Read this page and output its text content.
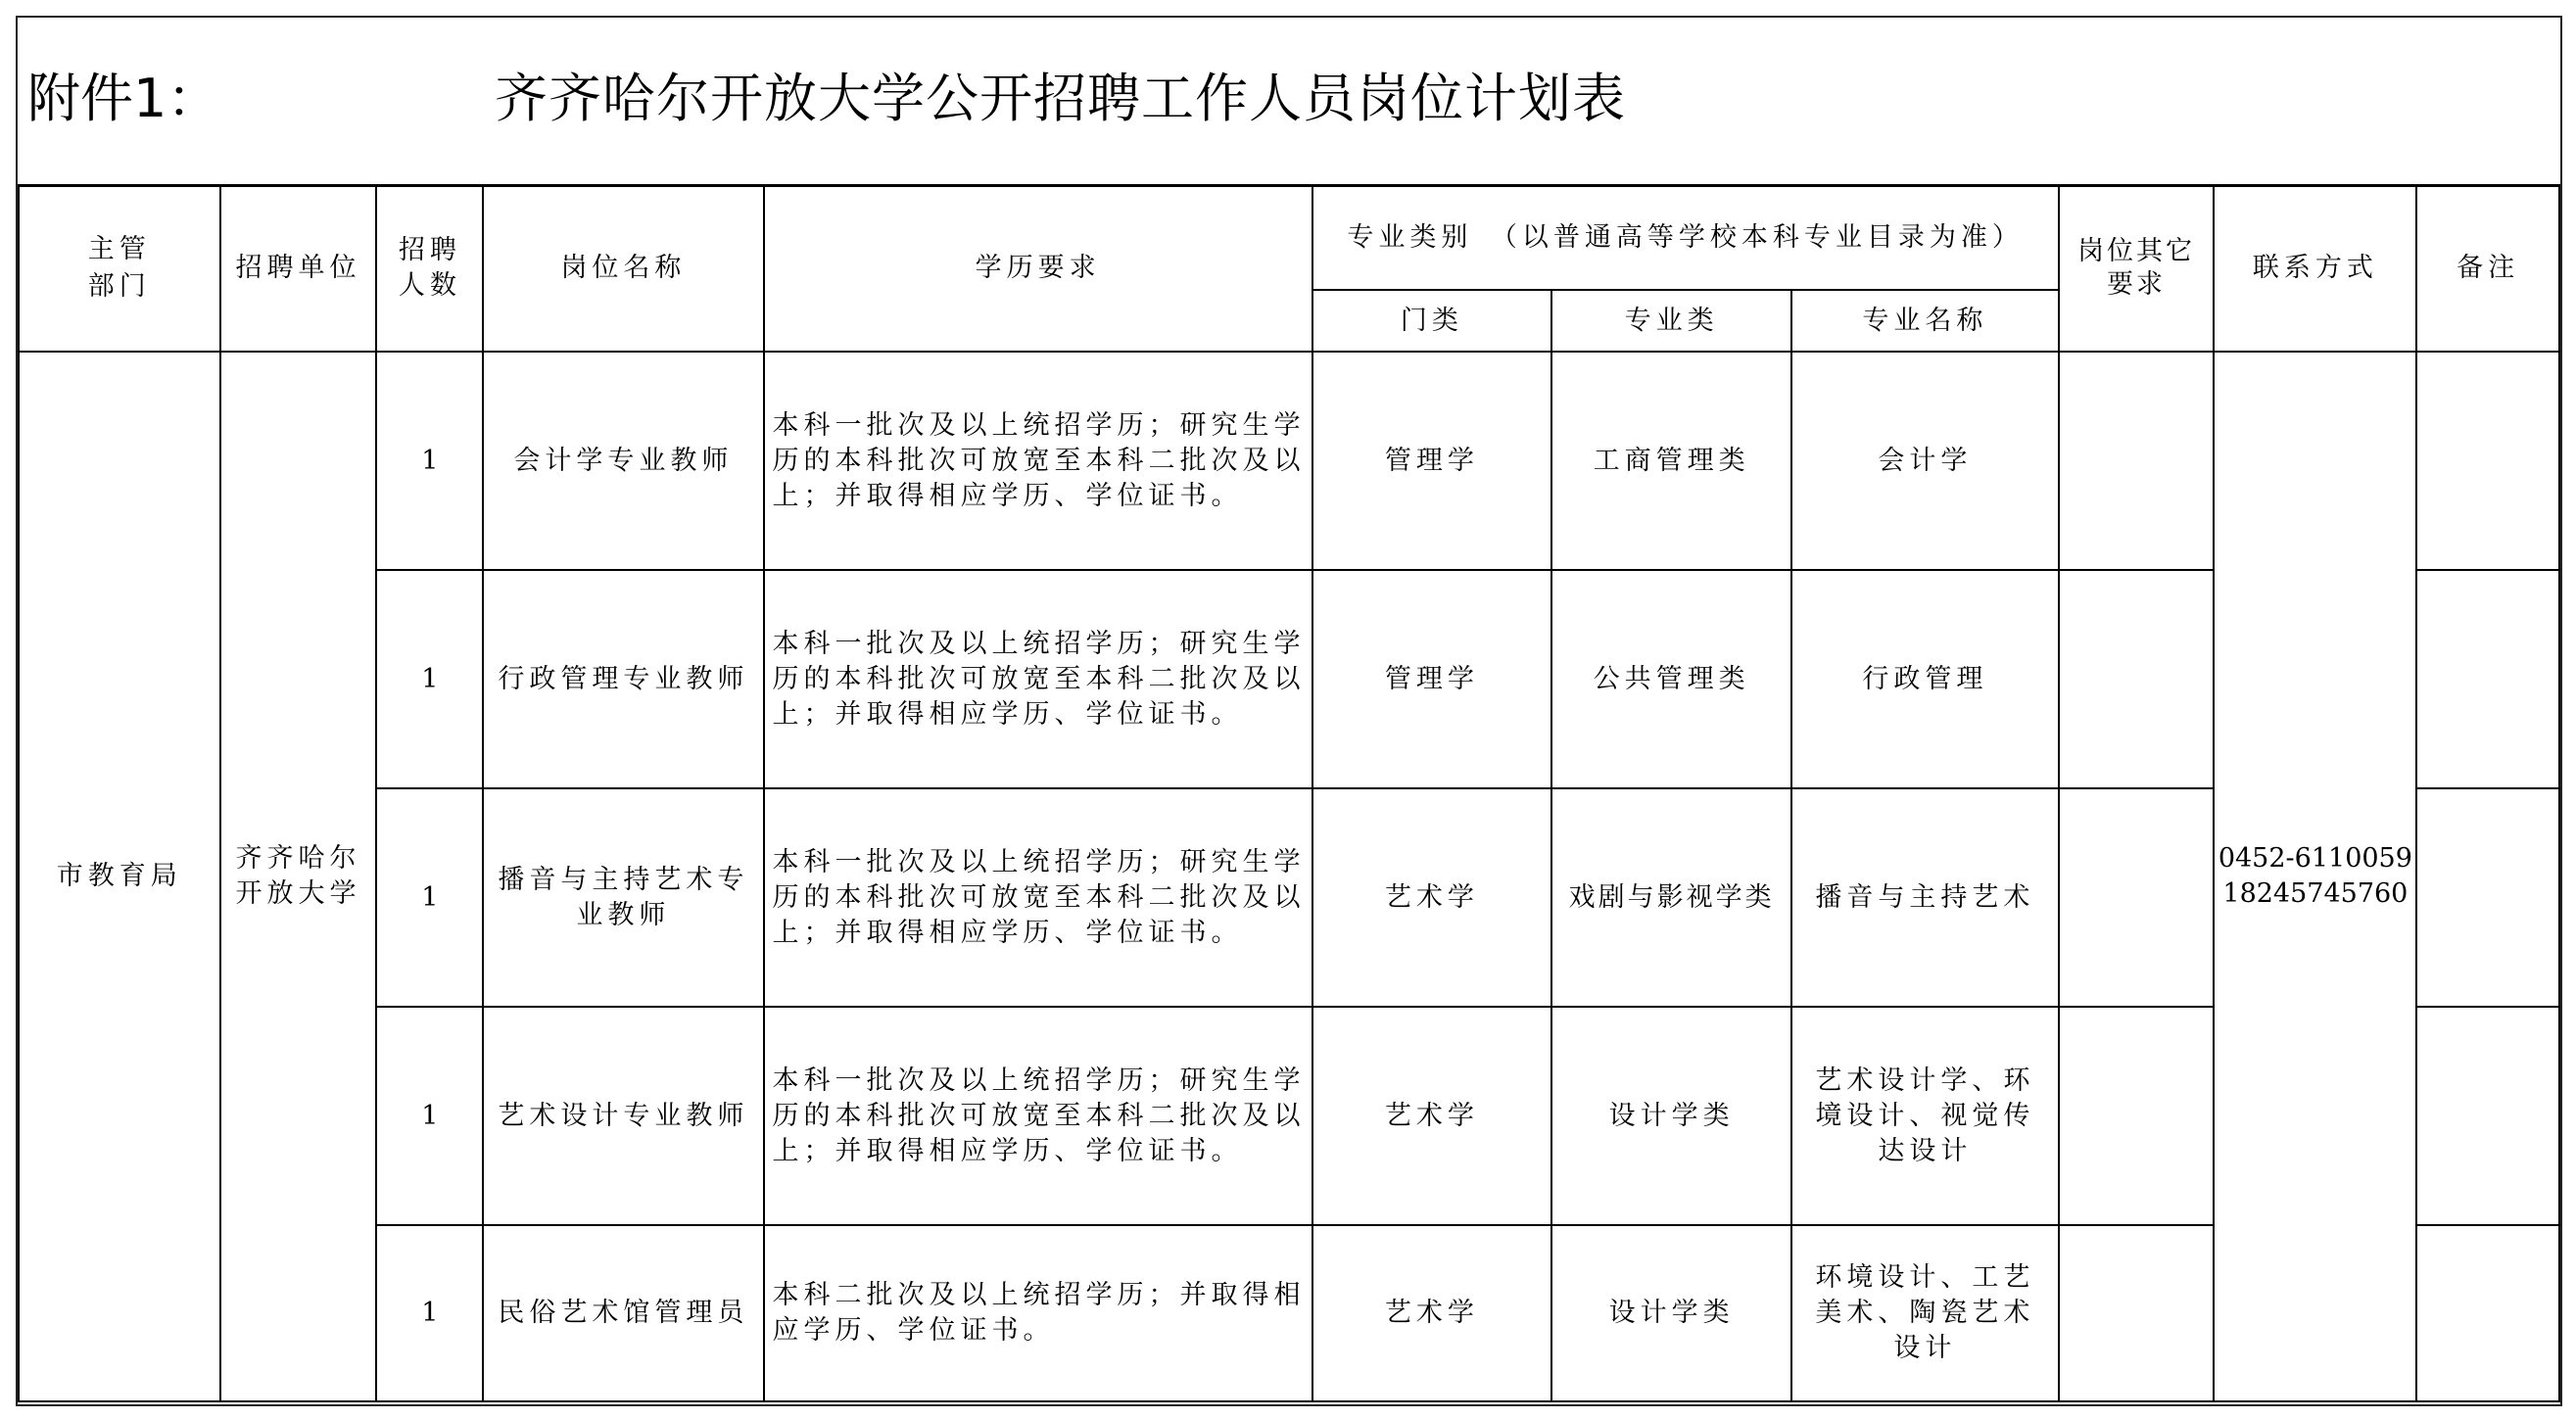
附件1：	齐齐哈尔开放大学公开招聘工作人员岗位计划表
主管部门	招聘单位	招聘人数	岗位名称	学历要求	专业类别　（以普通高等学校本科专业目录为准）			岗位其它要求	联系方式	备注
					门类	专业类	专业名称			
市教育局	齐齐哈尔开放大学	1	会计学专业教师	本科一批次及以上统招学历；研究生学历的本科批次可放宽至本科二批次及以上；并取得相应学历、学位证书。	管理学	工商管理类	会计学		0452-6110059
18245745760	

		1	行政管理专业教师	本科一批次及以上统招学历；研究生学历的本科批次可放宽至本科二批次及以上；并取得相应学历、学位证书。	管理学	公共管理类	行政管理			
		1	播音与主持艺术专业教师	本科一批次及以上统招学历；研究生学历的本科批次可放宽至本科二批次及以上；并取得相应学历、学位证书。	艺术学	戏剧与影视学类	播音与主持艺术			
		1	艺术设计专业教师	本科一批次及以上统招学历；研究生学历的本科批次可放宽至本科二批次及以上；并取得相应学历、学位证书。	艺术学	设计学类	艺术设计学、环境设计、视觉传达设计			

		1	民俗艺术馆管理员	本科二批次及以上统招学历；并取得相应学历、学位证书。	艺术学	设计学类	环境设计、工艺美术、陶瓷艺术设计			
